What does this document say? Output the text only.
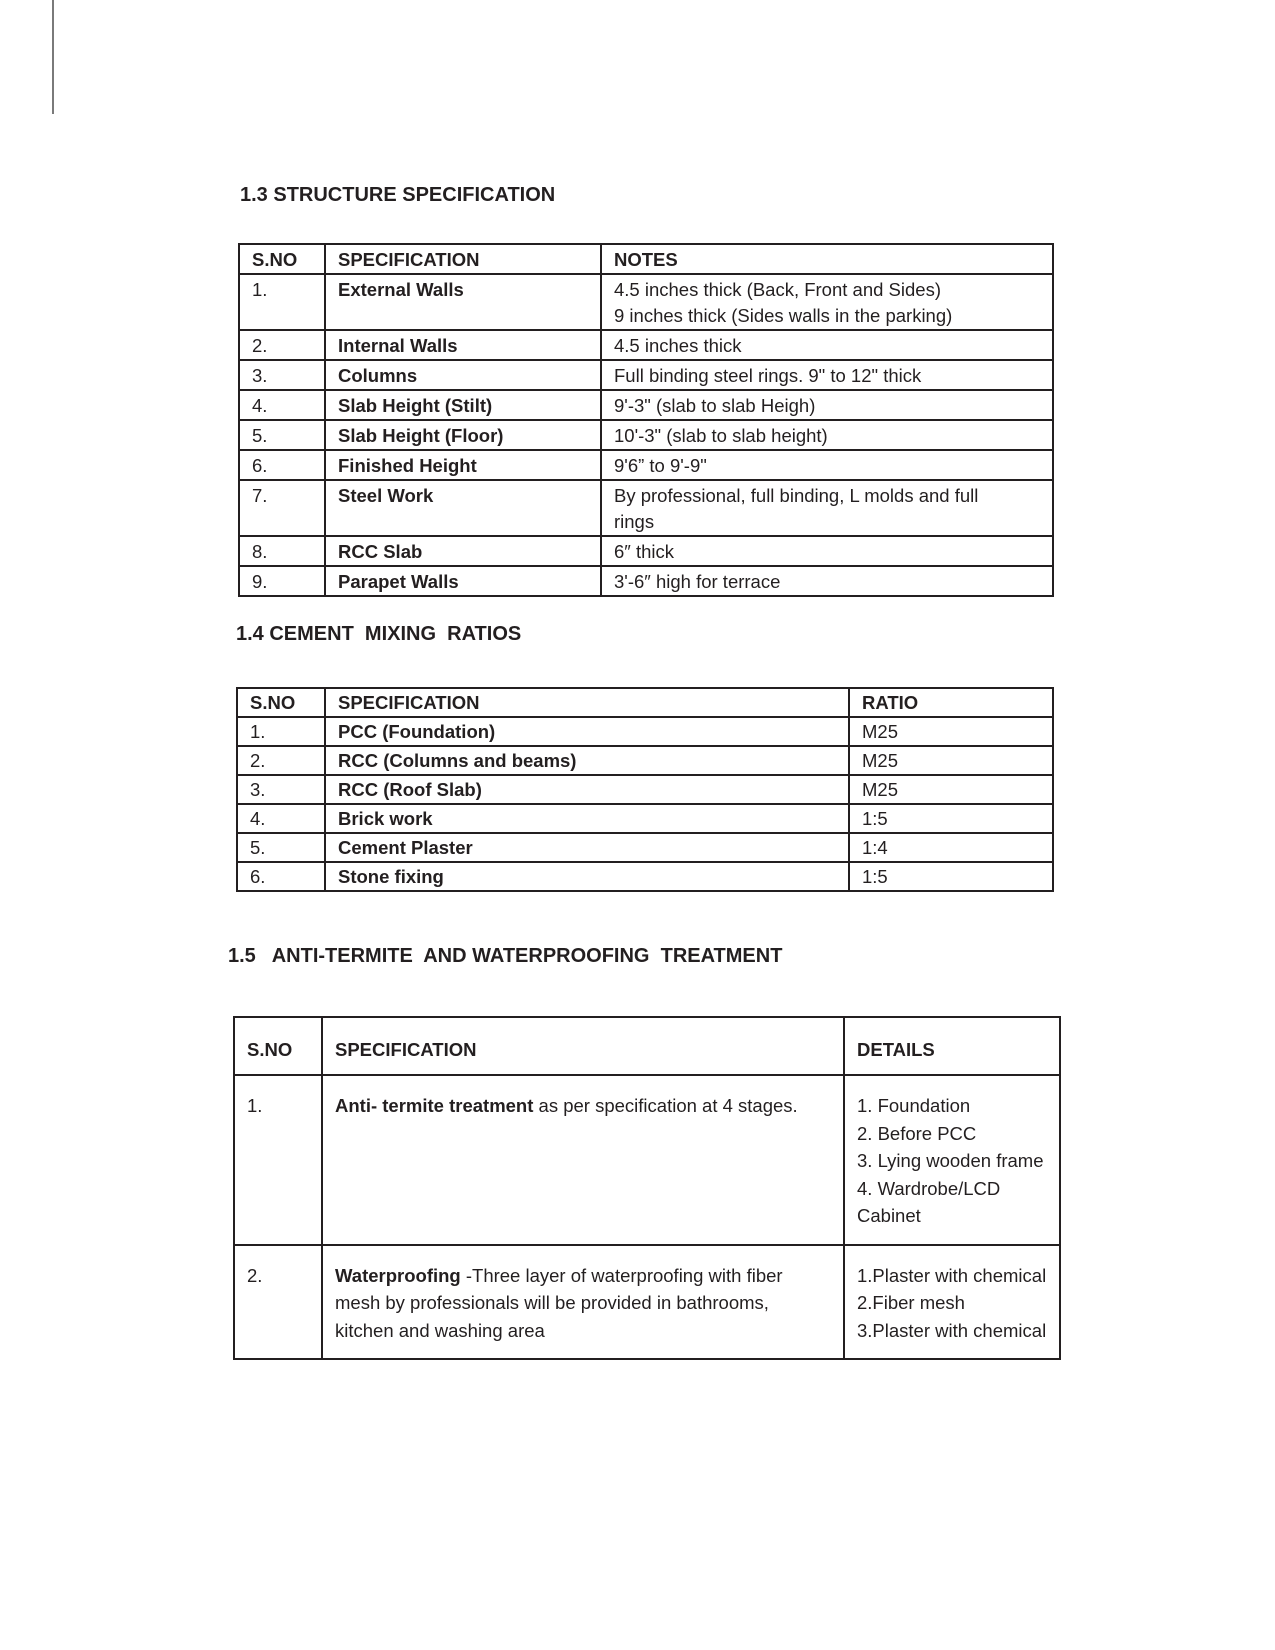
1.3 STRUCTURE SPECIFICATION
S.NO	SPECIFICATION	NOTES
1.	External Walls	4.5 inches thick (Back, Front and Sides)
9 inches thick (Sides walls in the parking)

2.	Internal Walls	4.5 inches thick

3.	Columns	Full binding steel rings. 9" to 12" thick

4.	Slab Height (Stilt)	9'-3" (slab to slab Heigh)

5.	Slab Height (Floor)	10'-3" (slab to slab height)

6.	Finished Height	9'6” to 9'-9"

7.	Steel Work	By professional, full binding, L molds and full
rings

8.	RCC Slab	6″ thick

9.	Parapet Walls	3'-6″ high for terrace
1.4 CEMENT  MIXING  RATIOS
S.NO	SPECIFICATION	RATIO
1.	PCC (Foundation)	M25
2.	RCC (Columns and beams)	M25
3.	RCC (Roof Slab)	M25
4.	Brick work	1:5
5.	Cement Plaster	1:4
6.	Stone fixing	1:5
1.5   ANTI-TERMITE  AND WATERPROOFING  TREATMENT
S.NO	SPECIFICATION	DETAILS
1.	Anti- termite treatment as per specification at 4 stages.	1. Foundation
2. Before PCC
3. Lying wooden frame
4. Wardrobe/LCD Cabinet

2.	Waterproofing -Three layer of waterproofing with fiber mesh by professionals will be provided in bathrooms, kitchen and washing area	1.Plaster with chemical
2.Fiber mesh
3.Plaster with chemical
